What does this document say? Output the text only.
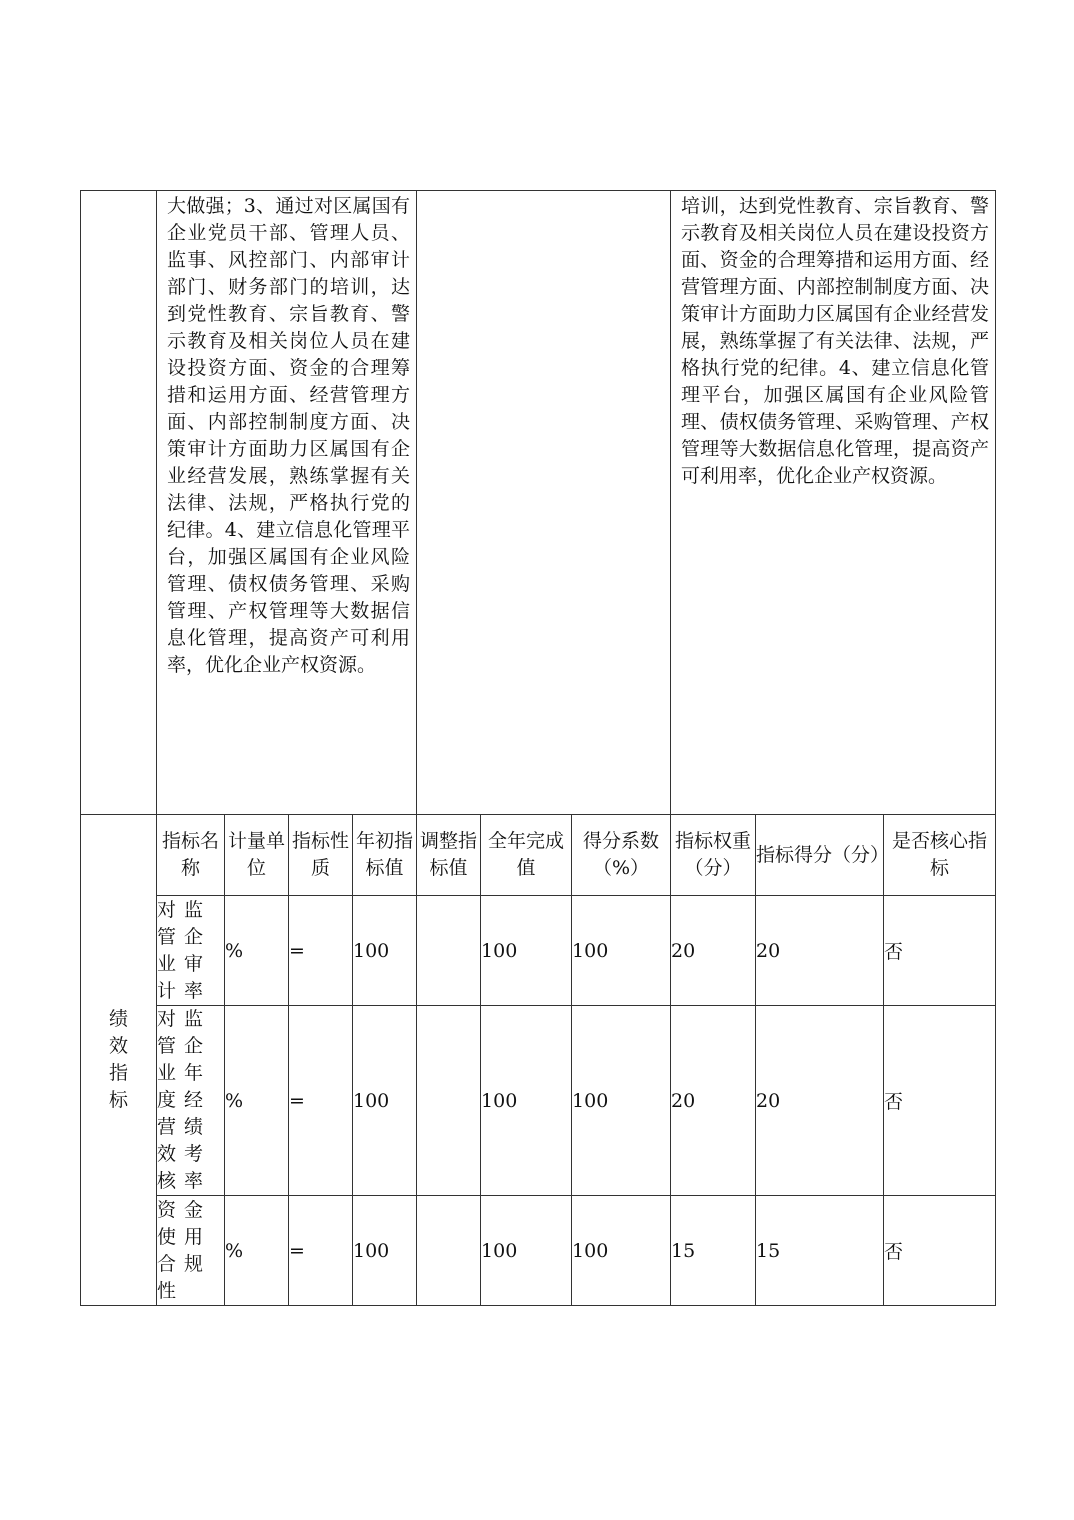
	大做强；3、通过对区属国有企业党员干部、管理人员、监事、风控部门、内部审计部门、财务部门的培训，达到党性教育、宗旨教育、警示教育及相关岗位人员在建设投资方面、资金的合理筹措和运用方面、经营管理方面、内部控制制度方面、决策审计方面助力区属国有企业经营发展，熟练掌握有关法律、法规，严格执行党的纪律。4、建立信息化管理平台，加强区属国有企业风险管理、债权债务管理、采购管理、产权管理等大数据信息化管理，提高资产可利用率，优化企业产权资源。							培训，达到党性教育、宗旨教育、警示教育及相关岗位人员在建设投资方面、资金的合理筹措和运用方面、经营管理方面、内部控制制度方面、决策审计方面助力区属国有企业经营发展，熟练掌握了有关法律、法规，严格执行党的纪律。4、建立信息化管理平台，加强区属国有企业风险管理、债权债务管理、采购管理、产权管理等大数据信息化管理，提高资产可利用率，优化企业产权资源。		

绩
效
指
标	指标名称	计量单位	指标性质	年初指标值	调整指标值	全年完成值	得分系数（%）	指标权重（分）	指标得分（分）	是否核心指标
	对监管企业审计率	%	=	100		100	100	20	20	否
	对监管企业年度经营绩效考核率	%	=	100		100	100	20	20	否
	资金使用合规性	%	=	100		100	100	15	15	否
